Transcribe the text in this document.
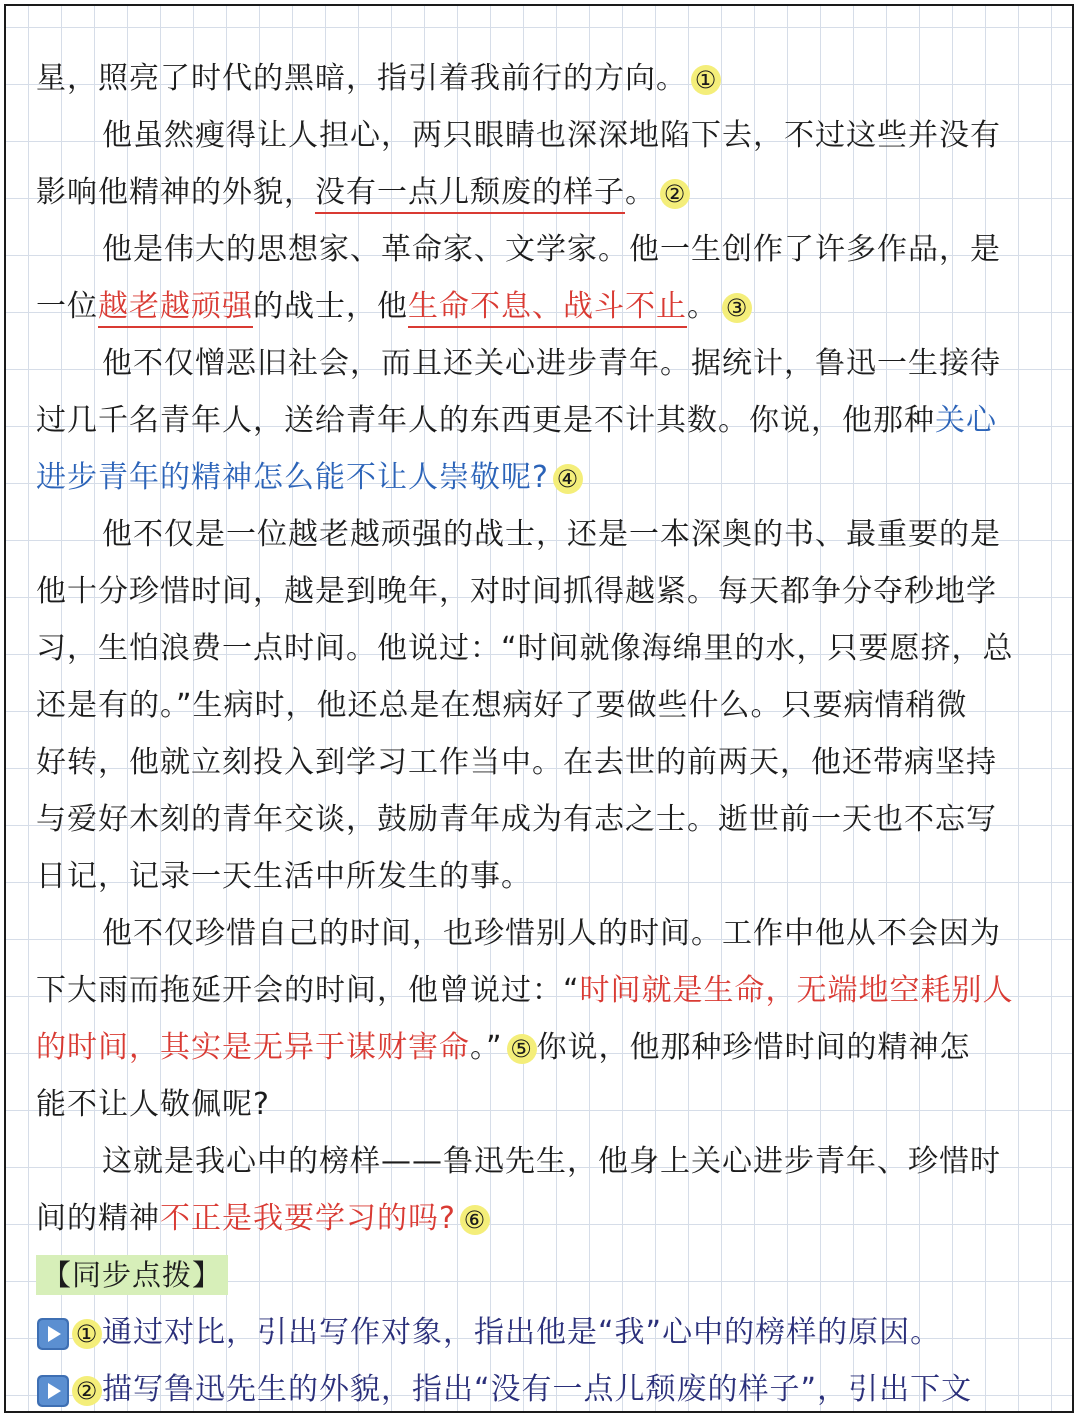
星，照亮了时代的黑暗，指引着我前行的方向。 ①
他虽然瘦得让人担心，两只眼睛也深深地陷下去，不过这些并没有
影响他精神的外貌，没有一点儿颓废的样子。 ②
他是伟大的思想家、革命家、文学家。他一生创作了许多作品，是
一位越老越顽强的战士，他生命不息、战斗不止。 ③
他不仅憎恶旧社会，而且还关心进步青年。据统计，鲁迅一生接待
过几千名青年人，送给青年人的东西更是不计其数。你说，他那种关心
进步青年的精神怎么能不让人崇敬呢? ④
他不仅是一位越老越顽强的战士，还是一本深奥的书、最重要的是
他十分珍惜时间，越是到晚年，对时间抓得越紧。每天都争分夺秒地学
习，生怕浪费一点时间。他说过：“时间就像海绵里的水，只要愿挤，总
还是有的。”生病时，他还总是在想病好了要做些什么。只要病情稍微
好转，他就立刻投入到学习工作当中。在去世的前两天，他还带病坚持
与爱好木刻的青年交谈，鼓励青年成为有志之士。逝世前一天也不忘写
日记，记录一天生活中所发生的事。
他不仅珍惜自己的时间，也珍惜别人的时间。工作中他从不会因为
下大雨而拖延开会的时间，他曾说过：“时间就是生命，无端地空耗别人
的时间，其实是无异于谋财害命。” ⑤ 你说，他那种珍惜时间的精神怎
能不让人敬佩呢?
这就是我心中的榜样——鲁迅先生，他身上关心进步青年、珍惜时
间的精神不正是我要学习的吗? ⑥
【同步点拨】
① 通过对比，引出写作对象，指出他是“我”心中的榜样的原因。
② 描写鲁迅先生的外貌，指出“没有一点儿颓废的样子”，引出下文
